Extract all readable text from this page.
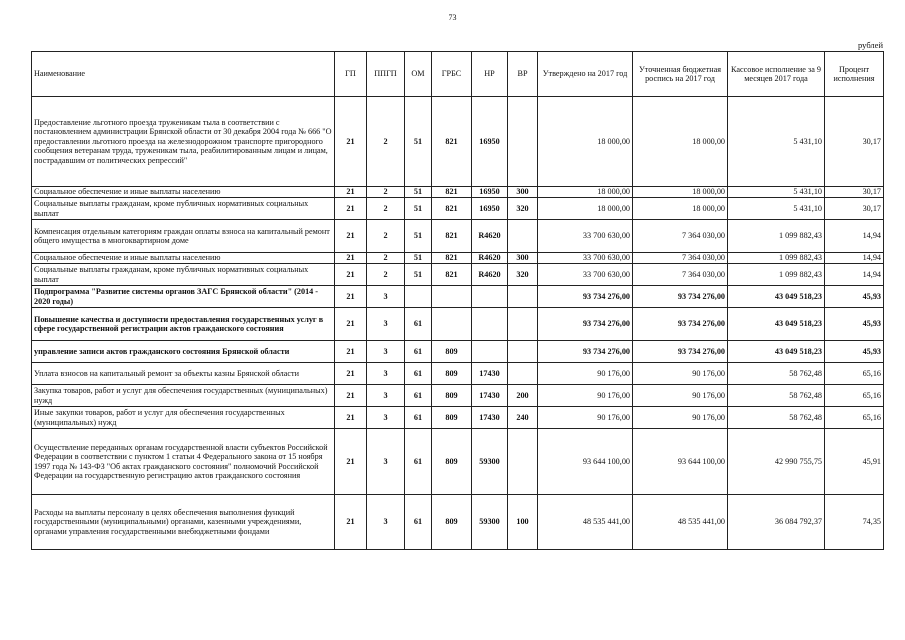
73
рублей
Наименование	ГП	ППГП	ОМ	ГРБС	НР	ВР	Утверждено на 2017 год	Уточненная бюджетная роспись на 2017 год	Кассовое исполнение за 9 месяцев 2017 года	Процент исполнения
Предоставление льготного проезда труженикам тыла в соответствии с постановлением администрации Брянской области от 30 декабря 2004 года № 666 "О предоставлении льготного проезда на железнодорожном транспорте пригородного сообщения ветеранам труда, труженикам тыла, реабилитированным лицам и лицам, пострадавшим от политических репрессий"	21	2	51	821	16950		18 000,00	18 000,00	5 431,10	30,17
Социальное обеспечение и иные выплаты населению	21	2	51	821	16950	300	18 000,00	18 000,00	5 431,10	30,17
Социальные выплаты гражданам, кроме публичных нормативных социальных выплат	21	2	51	821	16950	320	18 000,00	18 000,00	5 431,10	30,17
Компенсация отдельным категориям граждан оплаты взноса на капитальный ремонт общего имущества в многоквартирном доме	21	2	51	821	R4620		33 700 630,00	7 364 030,00	1 099 882,43	14,94
Социальное обеспечение и иные выплаты населению	21	2	51	821	R4620	300	33 700 630,00	7 364 030,00	1 099 882,43	14,94
Социальные выплаты гражданам, кроме публичных нормативных социальных выплат	21	2	51	821	R4620	320	33 700 630,00	7 364 030,00	1 099 882,43	14,94
Подпрограмма "Развитие системы органов ЗАГС Брянской области" (2014 - 2020 годы)	21	3					93 734 276,00	93 734 276,00	43 049 518,23	45,93
Повышение качества и доступности предоставления государственных услуг в сфере государственной регистрации актов гражданского состояния	21	3	61				93 734 276,00	93 734 276,00	43 049 518,23	45,93
управление записи актов гражданского состояния Брянской области	21	3	61	809			93 734 276,00	93 734 276,00	43 049 518,23	45,93
Уплата взносов на капитальный ремонт за объекты казны Брянской области	21	3	61	809	17430		90 176,00	90 176,00	58 762,48	65,16
Закупка товаров, работ и услуг для обеспечения государственных (муниципальных) нужд	21	3	61	809	17430	200	90 176,00	90 176,00	58 762,48	65,16
Иные закупки товаров, работ и услуг для обеспечения государственных (муниципальных) нужд	21	3	61	809	17430	240	90 176,00	90 176,00	58 762,48	65,16
Осуществление переданных органам государственной власти субъектов Российской Федерации в соответствии с пунктом 1 статьи 4 Федерального закона от 15 ноября 1997 года № 143-ФЗ "Об актах гражданского состояния" полномочий Российской Федерации на государственную регистрацию актов гражданского состояния	21	3	61	809	59300		93 644 100,00	93 644 100,00	42 990 755,75	45,91
Расходы на выплаты персоналу в целях обеспечения выполнения функций государственными (муниципальными) органами, казенными учреждениями, органами управления государственными внебюджетными фондами	21	3	61	809	59300	100	48 535 441,00	48 535 441,00	36 084 792,37	74,35
